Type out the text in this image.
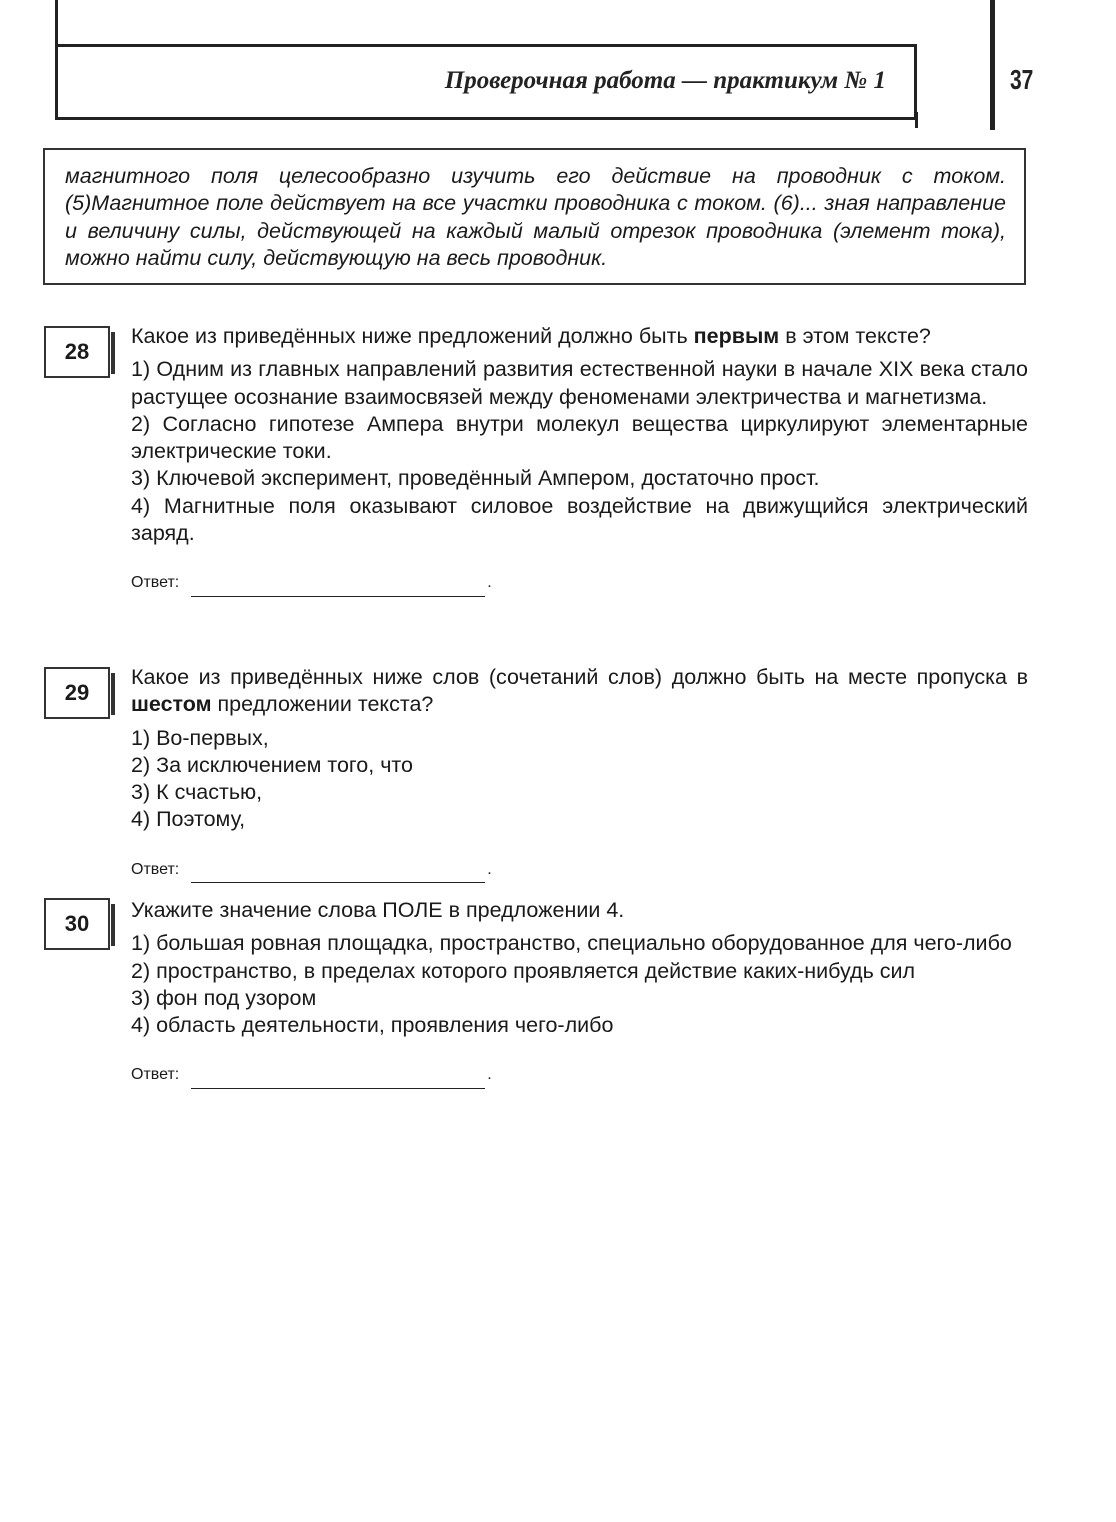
Проверочная работа — практикум № 1	37

магнитного поля целесообразно изучить его действие на проводник с током. (5)Магнитное поле действует на все участки проводника с током. (6)... зная направление и величину силы, действующей на каждый малый отрезок проводника (элемент тока), можно найти силу, действующую на весь проводник.

28

Какое из приведённых ниже предложений должно быть первым в этом тексте?

1) Одним из главных направлений развития естественной науки в начале XIX века стало растущее осознание взаимосвязей между феноменами электричества и магнетизма.

2) Согласно гипотезе Ампера внутри молекул вещества циркулируют элементарные электрические токи.

3) Ключевой эксперимент, проведённый Ампером, достаточно прост.

4) Магнитные поля оказывают силовое воздействие на движущийся электрический заряд.

Ответ:	.
29

Какое из приведённых ниже слов (сочетаний слов) должно быть на месте пропуска в шестом предложении текста?

1) Во-первых,

2) За исключением того, что

3) К счастью,

4) Поэтому,

Ответ:	.
30

Укажите значение слова ПОЛЕ в предложении 4.

1) большая ровная площадка, пространство, специально оборудованное для чего-либо

2) пространство, в пределах которого проявляется действие каких-нибудь сил

3) фон под узором

4) область деятельности, проявления чего-либо

Ответ:	.
